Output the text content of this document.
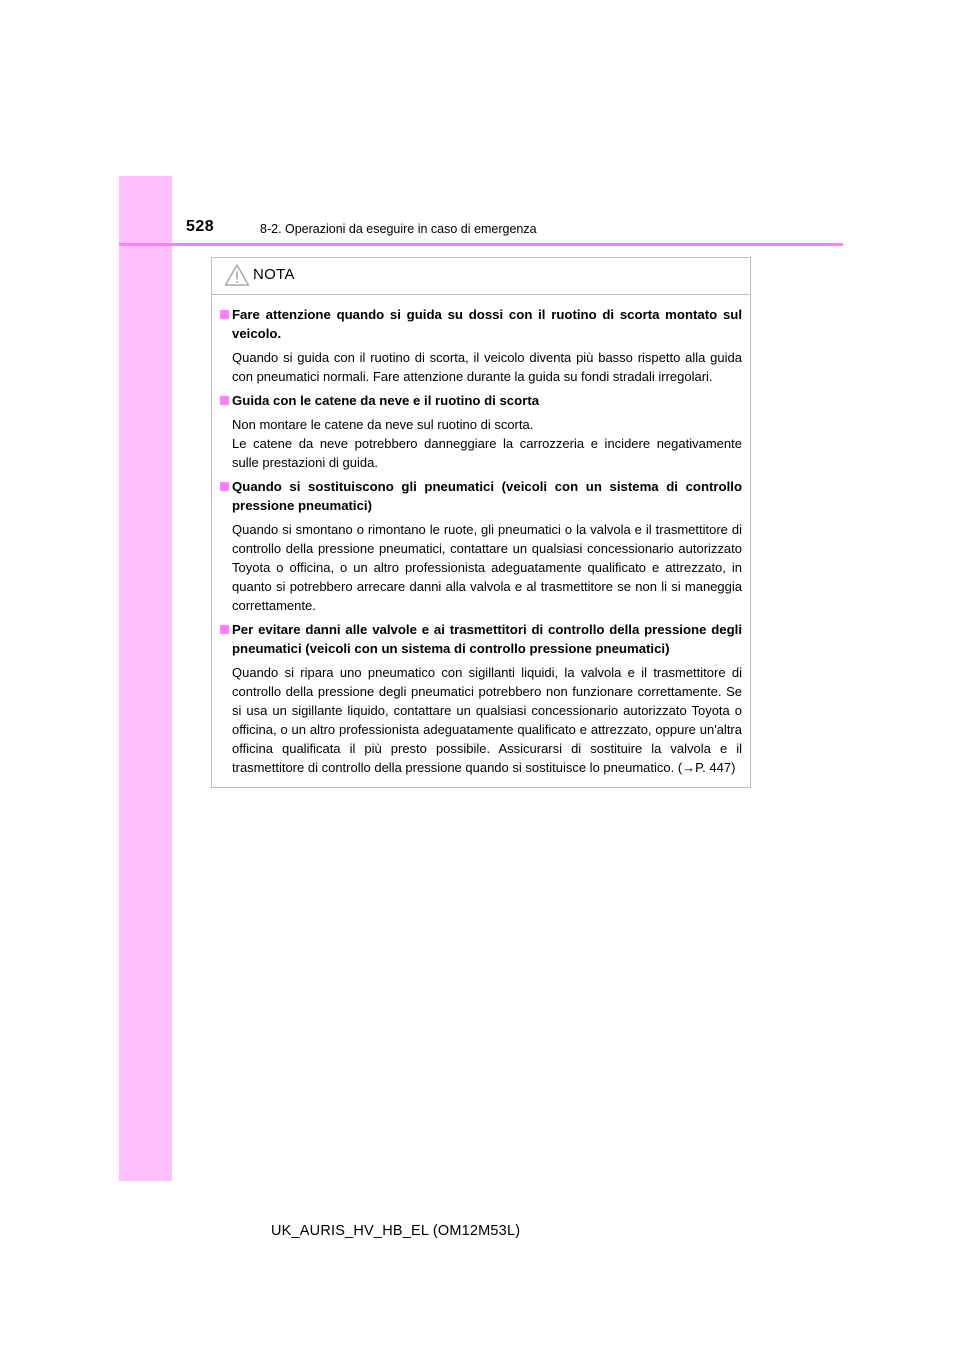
528	8-2. Operazioni da eseguire in caso di emergenza
NOTA
Fare attenzione quando si guida su dossi con il ruotino di scorta montato sul veicolo.

Quando si guida con il ruotino di scorta, il veicolo diventa più basso rispetto alla guida con pneumatici normali. Fare attenzione durante la guida su fondi stradali irregolari.

Guida con le catene da neve e il ruotino di scorta

Non montare le catene da neve sul ruotino di scorta.

Le catene da neve potrebbero danneggiare la carrozzeria e incidere negativamente sulle prestazioni di guida.

Quando si sostituiscono gli pneumatici (veicoli con un sistema di controllo pressione pneumatici)

Quando si smontano o rimontano le ruote, gli pneumatici o la valvola e il trasmettitore di controllo della pressione pneumatici, contattare un qualsiasi concessionario autorizzato Toyota o officina, o un altro professionista adeguatamente qualificato e attrezzato, in quanto si potrebbero arrecare danni alla valvola e al trasmettitore se non li si maneggia correttamente.

Per evitare danni alle valvole e ai trasmettitori di controllo della pressione degli pneumatici (veicoli con un sistema di controllo pressione pneumatici)

Quando si ripara uno pneumatico con sigillanti liquidi, la valvola e il trasmettitore di controllo della pressione degli pneumatici potrebbero non funzionare correttamente. Se si usa un sigillante liquido, contattare un qualsiasi concessionario autorizzato Toyota o officina, o un altro professionista adeguatamente qualificato e attrezzato, oppure un'altra officina qualificata il più presto possibile. Assicurarsi di sostituire la valvola e il trasmettitore di controllo della pressione quando si sostituisce lo pneumatico. (→P. 447)

UK_AURIS_HV_HB_EL (OM12M53L)
